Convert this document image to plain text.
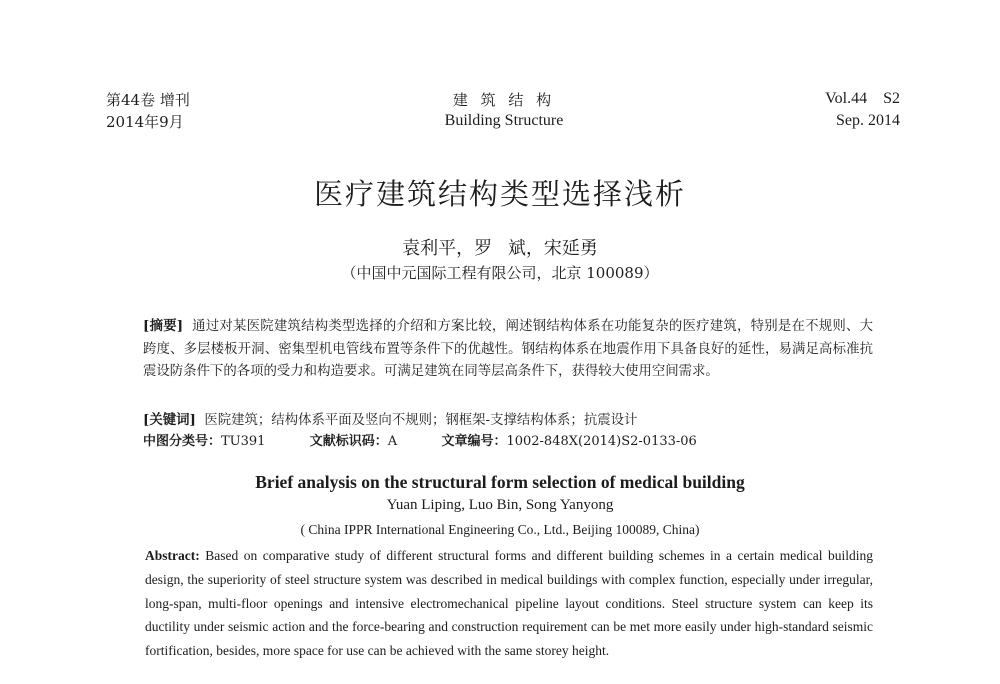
第44卷 增刊
2014年9月
建 筑 结 构
Building Structure
Vol.44　S2
Sep. 2014
医疗建筑结构类型选择浅析
袁利平，罗 斌，宋延勇
（中国中元国际工程有限公司，北京 100089）
[摘要] 通过对某医院建筑结构类型选择的介绍和方案比较，阐述钢结构体系在功能复杂的医疗建筑，特别是在不规则、大跨度、多层楼板开洞、密集型机电管线布置等条件下的优越性。钢结构体系在地震作用下具备良好的延性，易满足高标准抗震设防条件下的各项的受力和构造要求。可满足建筑在同等层高条件下，获得较大使用空间需求。
[关键词] 医院建筑；结构体系平面及竖向不规则；钢框架-支撑结构体系；抗震设计
中图分类号：TU391	文献标识码：A	文章编号：1002-848X(2014)S2-0133-06
Brief analysis on the structural form selection of medical building
Yuan Liping, Luo Bin, Song Yanyong
( China IPPR International Engineering Co., Ltd., Beijing 100089, China)
Abstract: Based on comparative study of different structural forms and different building schemes in a certain medical building design, the superiority of steel structure system was described in medical buildings with complex function, especially under irregular, long-span, multi-floor openings and intensive electromechanical pipeline layout conditions. Steel structure system can keep its ductility under seismic action and the force-bearing and construction requirement can be met more easily under high-standard seismic fortification, besides, more space for use can be achieved with the same storey height.
